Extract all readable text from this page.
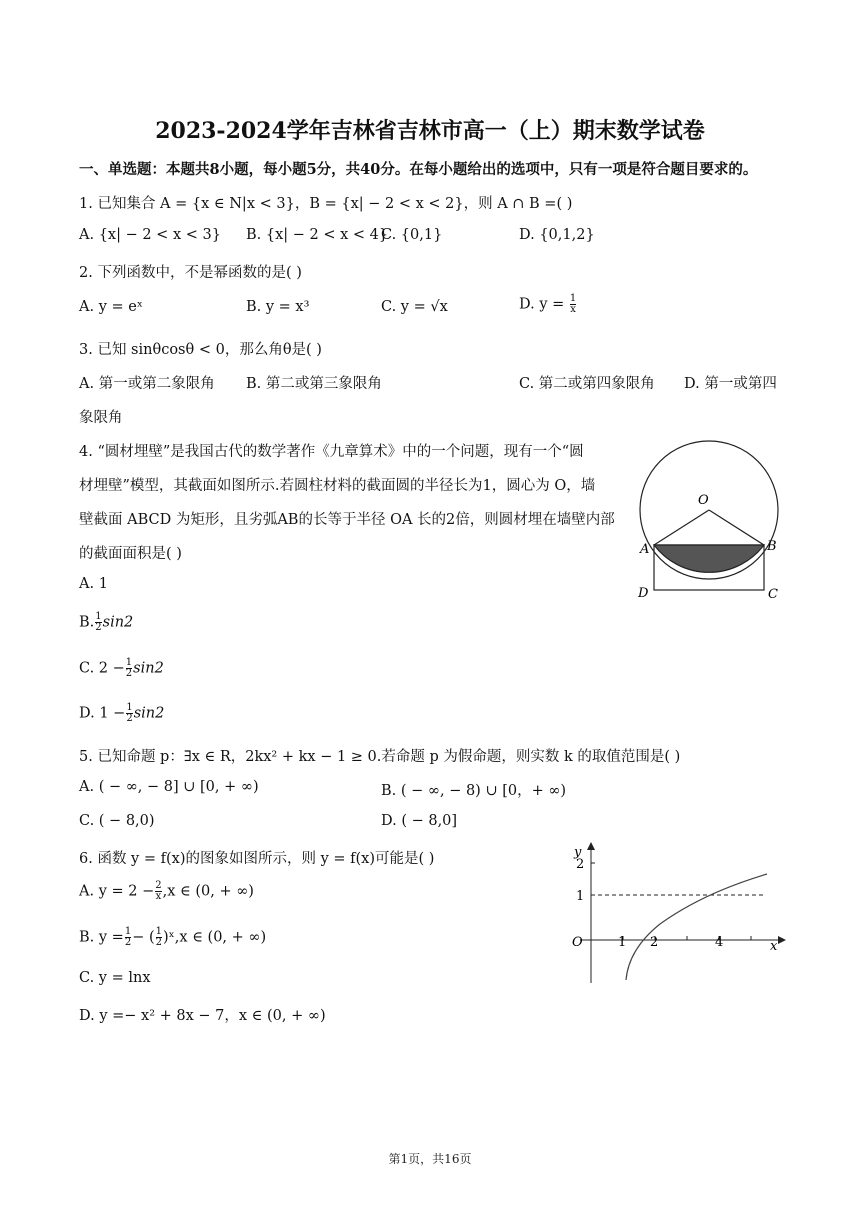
2023-2024学年吉林省吉林市高一（上）期末数学试卷
一、单选题：本题共8小题，每小题5分，共40分。在每小题给出的选项中，只有一项是符合题目要求的。
1. 已知集合 A = {x ∈ N|x < 3}，B = {x| − 2 < x < 2}，则 A ∩ B =( )
A. {x| − 2 < x < 3} B. {x| − 2 < x < 4}
C. {0,1}	D. {0,1,2}
2. 下列函数中，不是幂函数的是( )
A. y = eˣ	B. y = x³	C. y = √x	D. $y = \frac{1}{x}$
3. 已知 sinθcosθ < 0，那么角θ是( )
A. 第一或第二象限角 B. 第二或第三象限角	C. 第二或第四象限角 D. 第一或第四
象限角
4. “圆材埋壁”是我国古代的数学著作《九章算术》中的一个问题，现有一个“圆
材埋壁”模型，其截面如图所示.若圆柱材料的截面圆的半径长为1，圆心为 O，墙
壁截面 ABCD 为矩形，且劣弧AB的长等于半径 OA 长的2倍，则圆材埋在墙壁内部
的截面面积是( )
A. 1
B. $\frac{1}{2} \sin 2$
C. $2 - \frac{1}{2} \sin 2$
D. $1 - \frac{1}{2} \sin 2$
O
A	B
D	C
5. 已知命题 p：∃x ∈ R，2kx² + kx − 1 ≥ 0.若命题 p 为假命题，则实数 k 的取值范围是( )
A. ( − ∞, − 8] ∪ [0, + ∞)	B. ( − ∞, − 8) ∪ [0，+ ∞)
C. ( − 8,0)	D. ( − 8,0]
6. 函数 y = f(x)的图象如图所示，则 y = f(x)可能是( )
A. $y = 2 - \frac{2}{x} ,x$ ∈ (0, + ∞)
B. $y = \frac{1}{2}$ − ( $\frac{1}{2}$ )ˣ,x ∈ (0, + ∞)
C. y = lnx
D. y =− x² + 8x − 7，x ∈ (0, + ∞)
y
x
O	1 2	4
1
2
第1页，共16页
